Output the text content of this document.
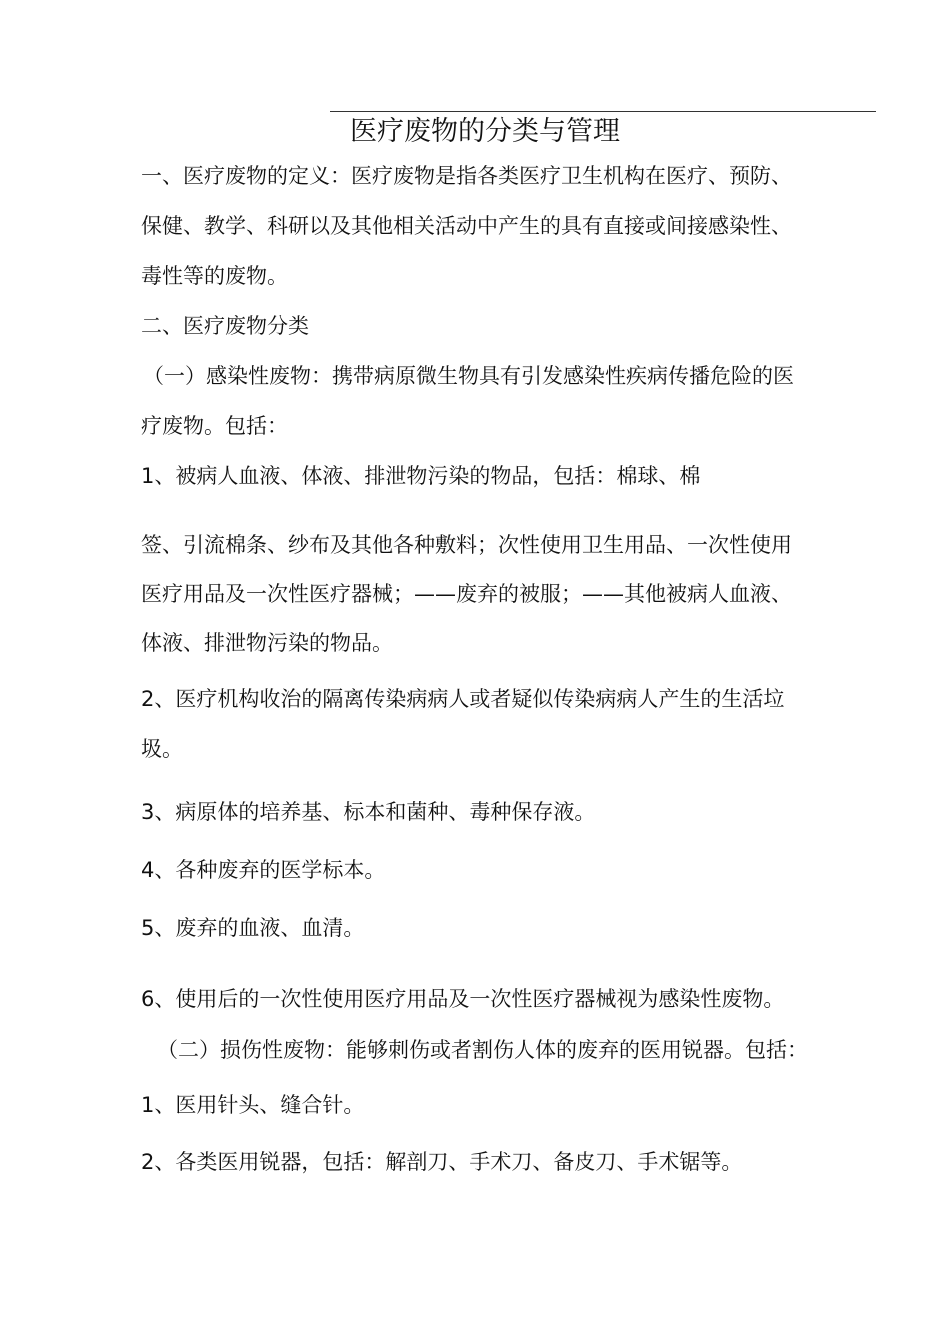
医疗废物的分类与管理
一、医疗废物的定义：医疗废物是指各类医疗卫生机构在医疗、预防、
保健、教学、科研以及其他相关活动中产生的具有直接或间接感染性、
毒性等的废物。
二、医疗废物分类
（一）感染性废物：携带病原微生物具有引发感染性疾病传播危险的医
疗废物。包括：
1、被病人血液、体液、排泄物污染的物品，包括：棉球、棉
签、引流棉条、纱布及其他各种敷料；次性使用卫生用品、一次性使用
医疗用品及一次性医疗器械；——废弃的被服；——其他被病人血液、
体液、排泄物污染的物品。
2、医疗机构收治的隔离传染病病人或者疑似传染病病人产生的生活垃
圾。
3、病原体的培养基、标本和菌种、毒种保存液。
4、各种废弃的医学标本。
5、废弃的血液、血清。
6、使用后的一次性使用医疗用品及一次性医疗器械视为感染性废物。
（二）损伤性废物：能够刺伤或者割伤人体的废弃的医用锐器。包括：
1、医用针头、缝合针。
2、各类医用锐器，包括：解剖刀、手术刀、备皮刀、手术锯等。
